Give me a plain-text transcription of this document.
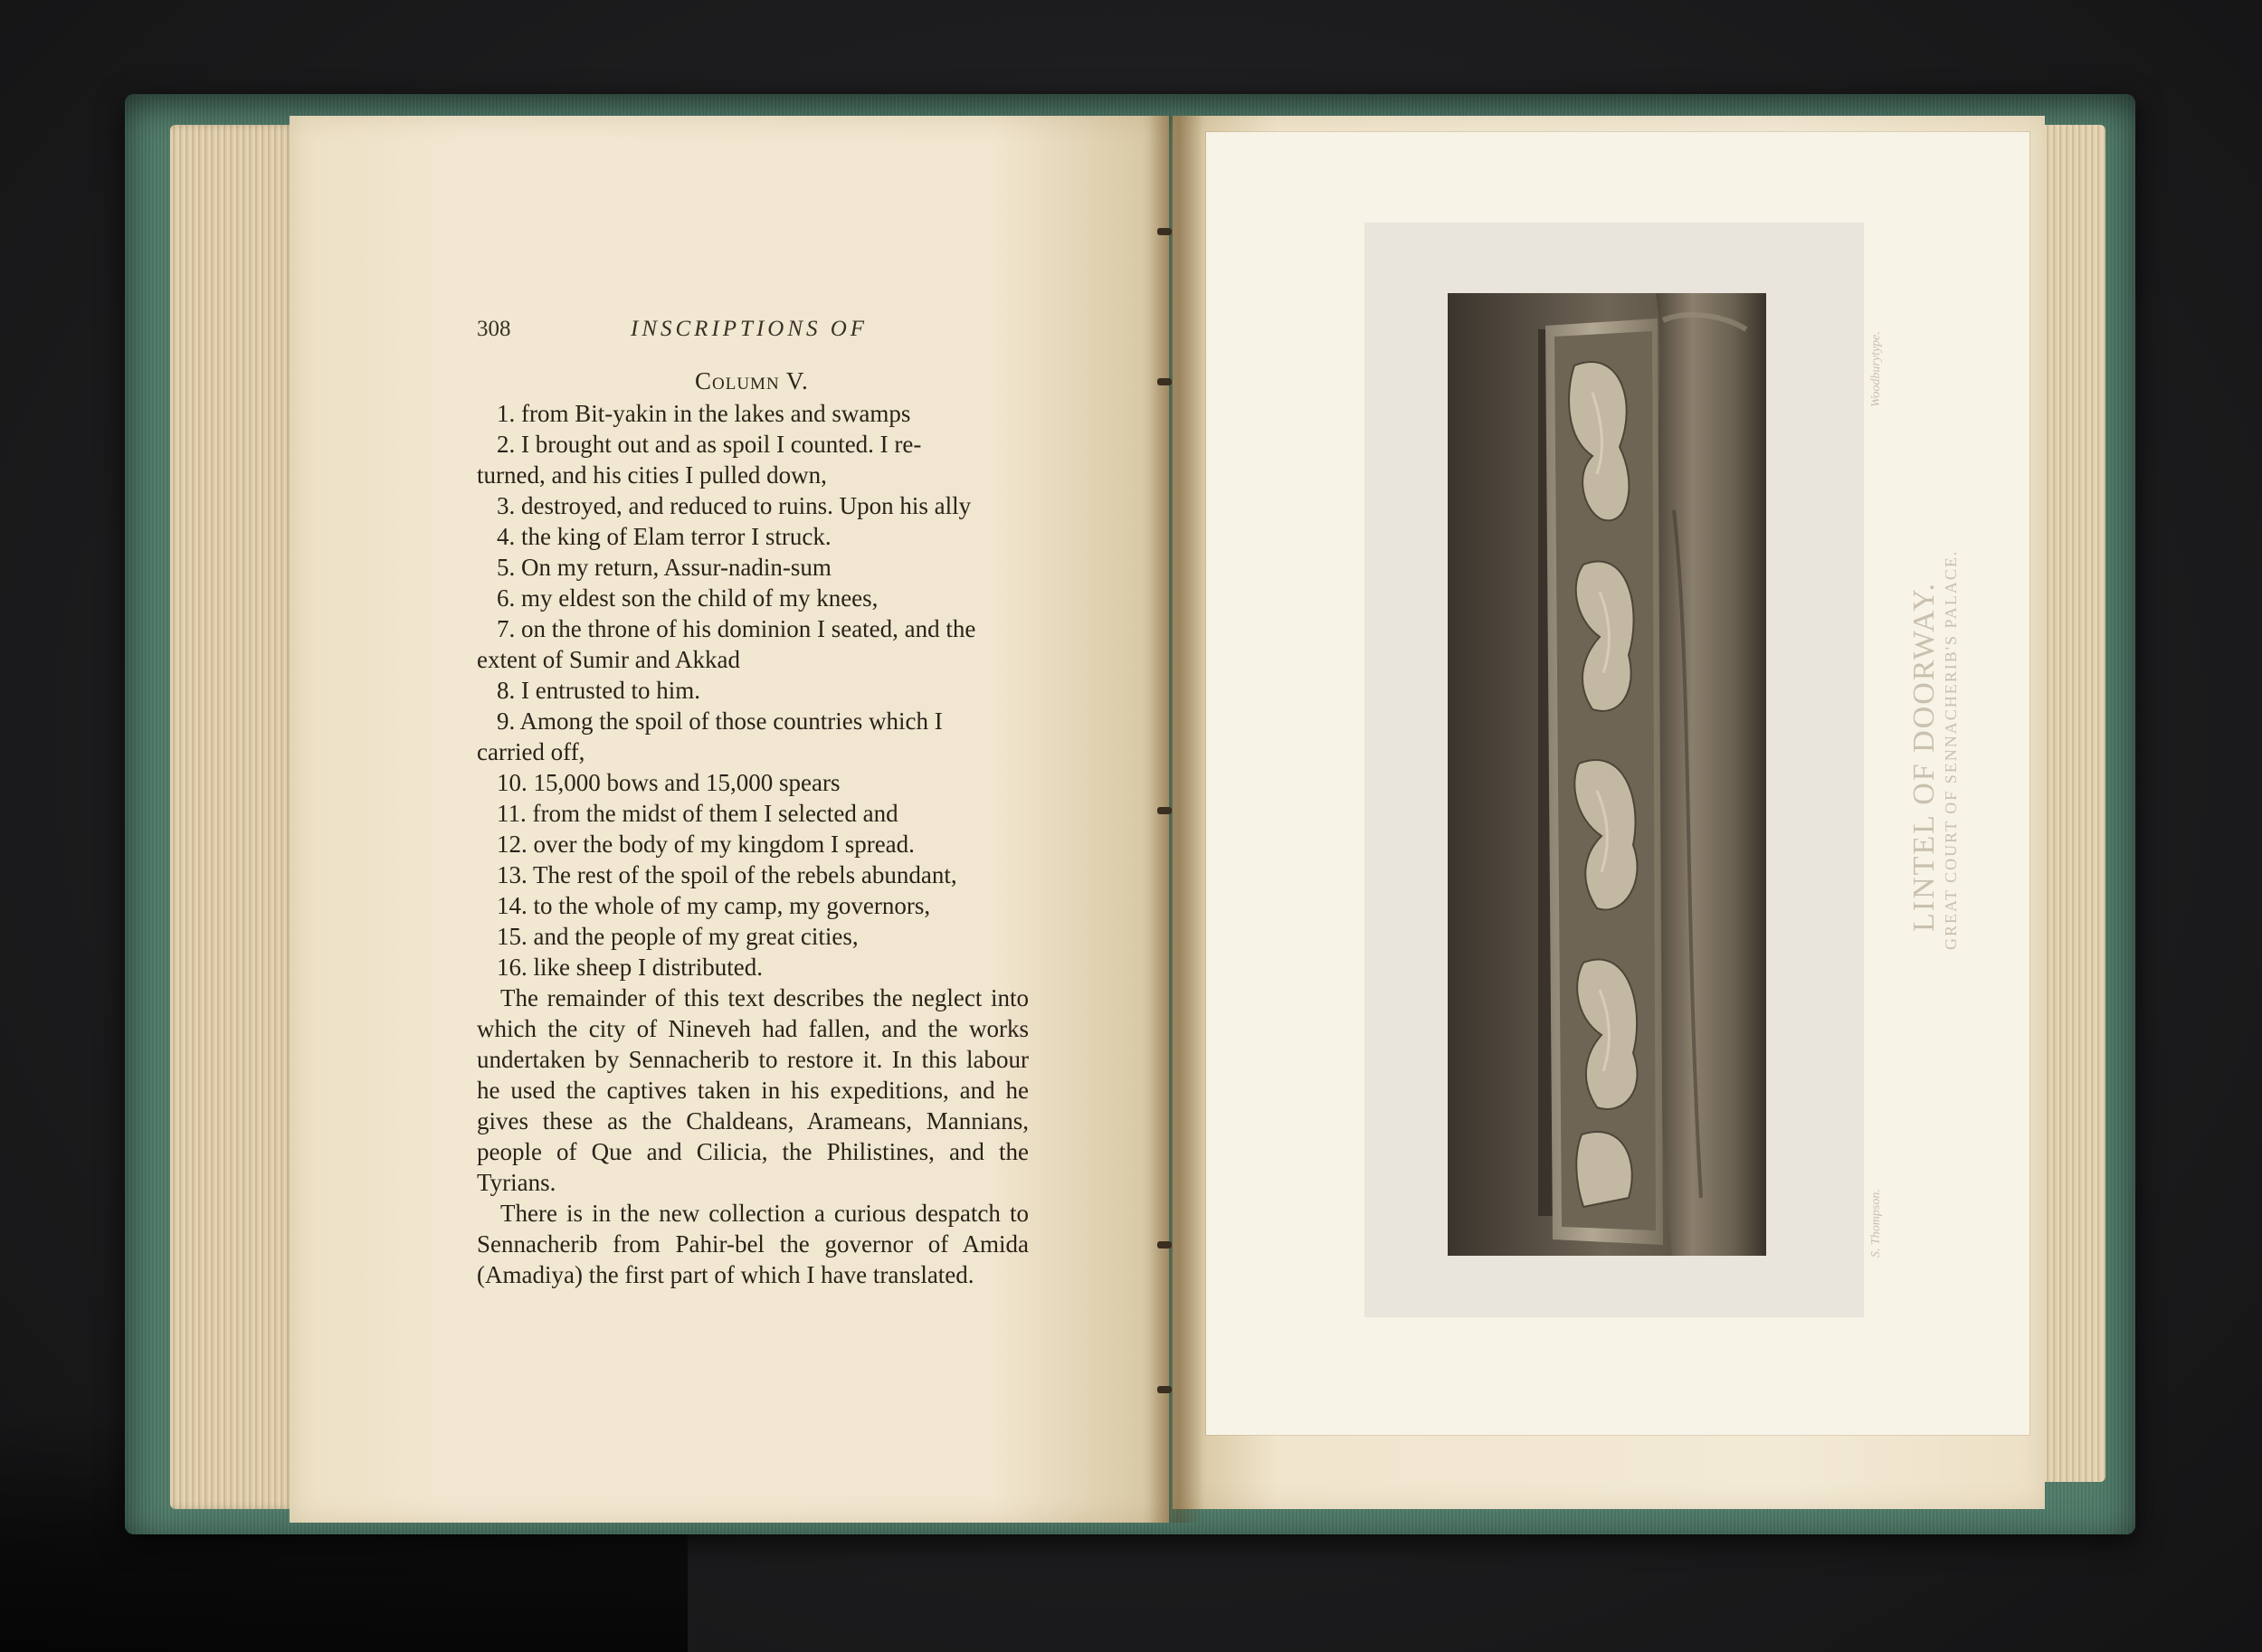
308	INSCRIPTIONS OF
Column V.
1. from Bit-yakin in the lakes and swamps
2. I brought out and as spoil I counted. I re-
turned, and his cities I pulled down,
3. destroyed, and reduced to ruins. Upon his ally
4. the king of Elam terror I struck.
5. On my return, Assur-nadin-sum
6. my eldest son the child of my knees,
7. on the throne of his dominion I seated, and the
extent of Sumir and Akkad
8. I entrusted to him.
9. Among the spoil of those countries which I
carried off,
10. 15,000 bows and 15,000 spears
11. from the midst of them I selected and
12. over the body of my kingdom I spread.
13. The rest of the spoil of the rebels abundant,
14. to the whole of my camp, my governors,
15. and the people of my great cities,
16. like sheep I distributed.
The remainder of this text describes the neglect into which the city of Nineveh had fallen, and the works undertaken by Sennacherib to restore it. In this labour he used the captives taken in his expeditions, and he gives these as the Chaldeans, Arameans, Mannians, people of Que and Cilicia, the Philistines, and the Tyrians.
There is in the new collection a curious despatch to Sennacherib from Pahir-bel the governor of Amida (Amadiya) the first part of which I have translated.
LINTEL OF DOORWAY. GREAT COURT OF SENNACHERIB'S PALACE.
S. Thompson.
Woodburytype.
